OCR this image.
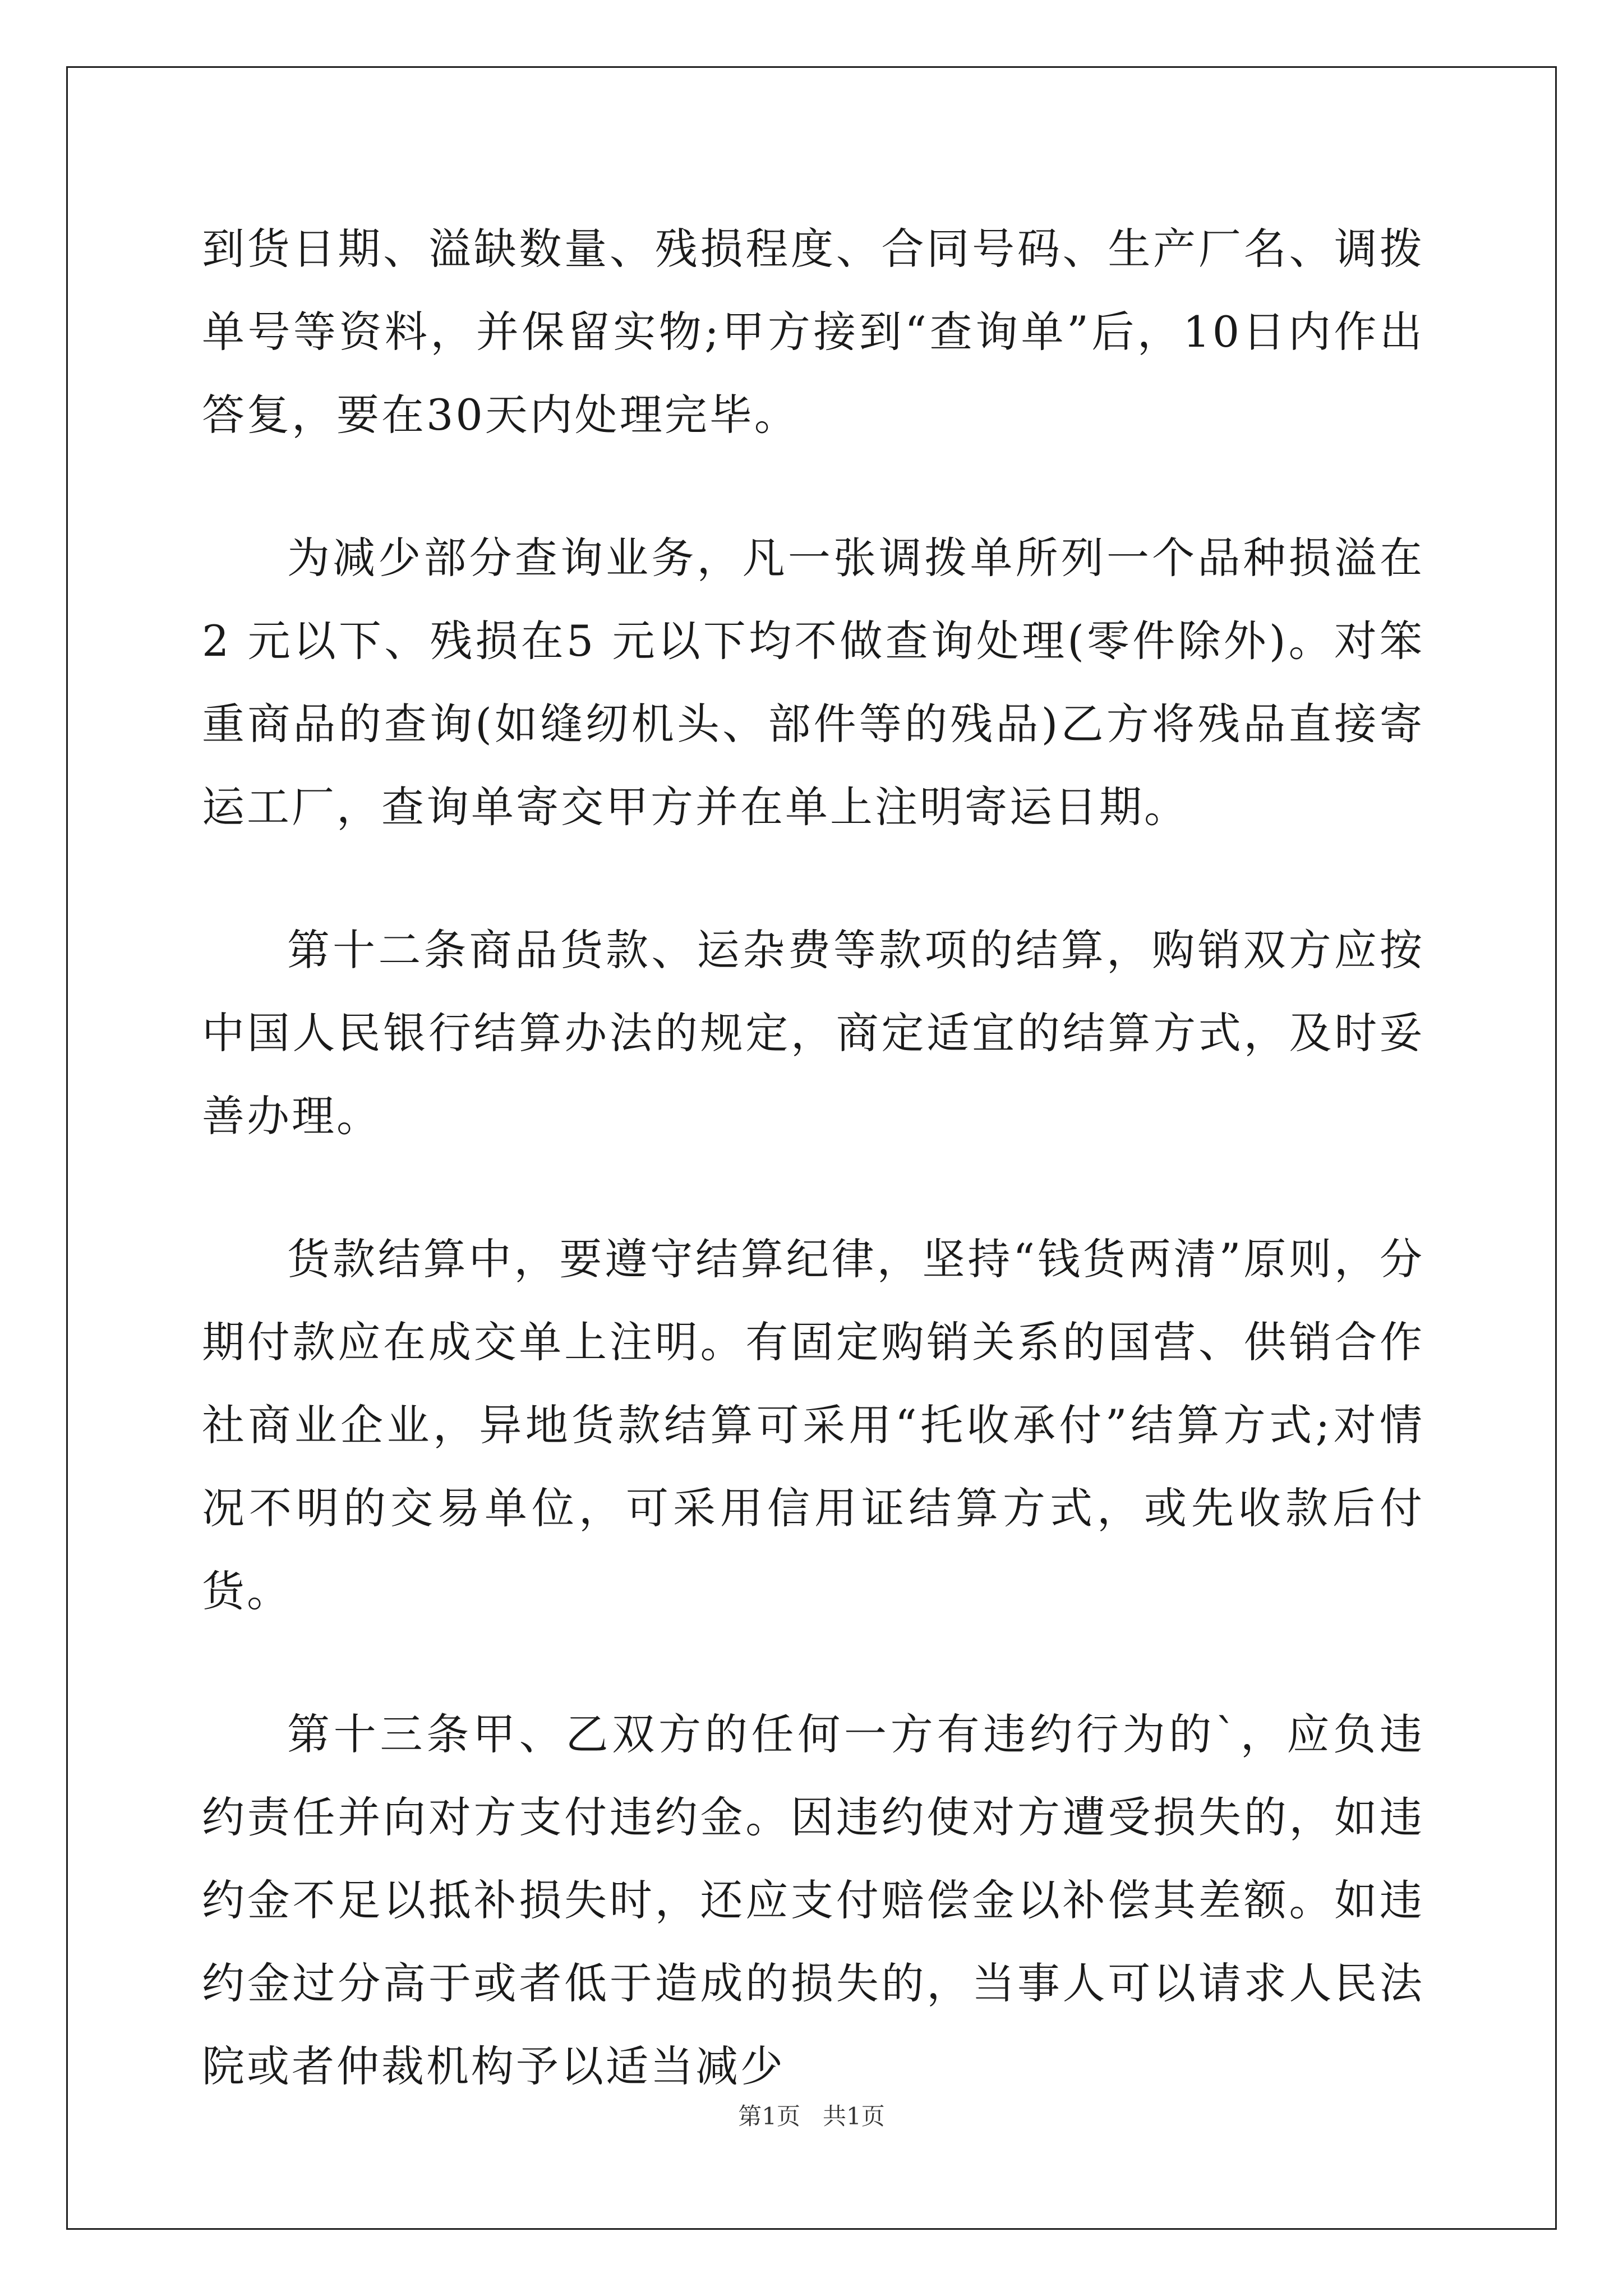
到货日期、溢缺数量、残损程度、合同号码、生产厂名、调拨单号等资料，并保留实物;甲方接到“查询单”后，10日内作出答复，要在30天内处理完毕。

为减少部分查询业务，凡一张调拨单所列一个品种损溢在2 元以下、残损在5 元以下均不做查询处理(零件除外)。对笨重商品的查询(如缝纫机头、部件等的残品)乙方将残品直接寄运工厂，查询单寄交甲方并在单上注明寄运日期。

第十二条商品货款、运杂费等款项的结算，购销双方应按中国人民银行结算办法的规定，商定适宜的结算方式，及时妥善办理。

货款结算中，要遵守结算纪律，坚持“钱货两清”原则，分期付款应在成交单上注明。有固定购销关系的国营、供销合作社商业企业，异地货款结算可采用“托收承付”结算方式;对情况不明的交易单位，可采用信用证结算方式，或先收款后付货。

第十三条甲、乙双方的任何一方有违约行为的`，应负违约责任并向对方支付违约金。因违约使对方遭受损失的，如违约金不足以抵补损失时，还应支付赔偿金以补偿其差额。如违约金过分高于或者低于造成的损失的，当事人可以请求人民法院或者仲裁机构予以适当减少

第1页   共1页
